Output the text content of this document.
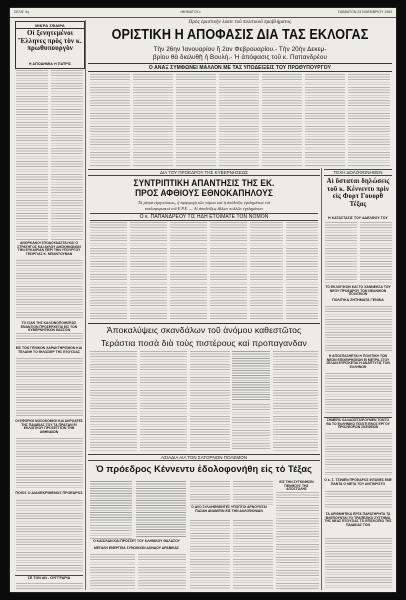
ΣΕΛΙΣ 4η	«ΒΗΜΑΤΟΣ»	ΣΑΒΒΑΤΟΝ 23 ΝΟΕΜΒΡΙΟΥ 1963
ΜΙΚΡΑ ΣΦΑΙΡΑ
Οἱ ξενητεμένοι Ἕλληνες πρὸς τὸν κ. πρωθυπουργὸν
Η ΑΠΟΔΗΜΙΑ Η ΠΑΤΡΙΣ
ΑΝΟΡΚΑΝΟΙ ΣΠΟΔΟΥΔΑΣΤΑΙ ΚΑΙ Ο ΣΤΡΑΤΗΓΟΣ ΚΑΙ ΑΥΛΟΥ ΔΗΣΚΗΝΩΝΟΝ ΤΗΝ ΕΥΚΑΙΡΙΑΝ ΠΕΡΙ ΤΗΝ ΥΠΟΥΡΓΟΥ ΓΕΩΡΓΙΑΣ Κ. ΜΠΑΝΤΟΥΒΑΝ
ΤΟ ΙΣΑΝ ΤΗΣ ΚΑΛΣΙΝΟΠΟΙΗΣΕΩΣ ΕΝΑΝΤΙΟΝ ΠΡΟΣΕΡΧΕΤΑΙ ΕΙΣ ΤΟΝ ΚΥΒΕΡΝΗΤΙΚΟΝ ΘΑΣΣΟΝ
ΕΙΣ ΤΟΝ ΓΕΝΙΚΟΝ ΧΑΡΑΚΤΗΡΙΣΜΟΝ ΚΑΙ ΤΕΛΑΝΗ ΤΟ ΦΙΛΟΣΙΕΡ ΤΗΣ ΕΞΟΥΣΙΑΣ
ΟΙ ΕΦΟΡΙΟΙ ΝΟΣΟΚΟΜΙΟΙ ΚΑΙ ΑΚΡΟΑΤΕΣ ΤΗΣ ΠΑΙΔΕΙΑΣ ΤΟΥ ΤΑ ΠΡΑΞΑΝ ΕΙ ΕΚΛΟΓΙΚΟΥ ΠΡΟΣΕΓΓΙΣΙΝ ΤΗΝ ΑΘΗΝΑΙΩΝ
ΠΟΙΟΣ Ο ΔΙΑΚΕΚΡΙΜΕΝΟΣ ΠΡΟΕΔΡΟΣ
ΣΕ ΤΟΝ ΑΝ - ΟΥΓΓΡΑΡΙΑ
Πρὸς ὁριστικὴν λύσιν τοῦ πολιτικοῦ προβλήματος
ΟΡΙΣΤΙΚΗ Η ΑΠΟΦΑΣΙΣ ΔΙΑ ΤΑΣ ΕΚΛΟΓΑΣ
Τὴν 26ην Ἰανουαρίου ἢ 2αν Φεβρουαρίου.- Τὴν 20ὴν Δεκεμ-
βρίου θὰ διαλυθῇ ἡ Βουλή.- Ἡ ἀπόφασις τοῦ κ. Παπανδρέου
Ο ΑΝΑΞ ΣΥΜΦΩΝΕΙ ΜΑΛΛΟΝ ΜΕ ΤΑΣ ΥΠΟΔΕΙΞΕΙΣ ΤΟΥ ΠΡΩΘΥΠΟΥΡΓΟΥ
ΔΙΑ ΤΟΥ ΠΡΟΕΔΡΟΥ ΤΗΣ ΚΥΒΕΡΝΗΣΕΩΣ
ΣΥΝΤΡΙΠΤΙΚΗ ΑΠΑΝΤΗΣΙΣ ΤΗΣ ΕΚ.
ΠΡΟΣ ΑΦΘΙΟΥΣ ΕΘΝΟΚΑΠΗΛΟΥΣ
Τὰ μέτρα εἰρηνεύσεως, ἡ ἐφαρμογὴ τῶν νόμων καὶ ἡ ἀπόδειξις ἐγκλημάτων ἐπὶ
κυκλοφοριακοὶ τοῦ Ε.Ρ.Ε. — Αἱ ἀποδείξεις ἄλλων πολλῶν ἐγκλημάτων
Ο κ. ΠΑΠΑΝΔΡΕΟΥ ΤΙΣ ΗΔΗ ΕΤΟΙΜΑΤΕ ΤΟΝ ΝΟΜΟΝ
ΤΕΧΗ ΔΟΛΟΦΟΝΗΘΕΝ
Αἱ ὕσταται δηλώσεις τοῦ κ. Κέννεντυ πρὶν εἰς Φορτ Γουορθ Τέξας
Η ΚΑΤΑΣΤΑΣΙΣ ΤΟΥ ΑΔΕΛΦΟΥ ΤΟΥ
ΤΟ ΕΚΛΟΓΙΚΟΝ ΚΑΙ ΤΟ ΧΑΝΝΕΚΣΑ ΤΟΥ ΝΕΟΥ ΠΡΟΕΔΡΟΥ ΤΟΝ ΝΕΑΝΙΚΟΝ ΠΟΛΙΤΕΙΟΝ
ΠΟΛΙΤΙΚΑ ΖΗΤΗΜΑΤΑ ΓΕΝΙΚΑ
Η ΑΠΟΣΠΑΣΗΕΤΑΙ Η ΠΟΛΙΤΙΚΗ ΤΩΝ ΝΕΩΝ ΕΠΙΧΕΙΡΗΣΕΩΝ ΕΙ ΜΕΤΡΑ ΣΤΟΥ ΣΕΛΑΝ ΕΥΡΙΣΚΕΤΑΙ Η ΑΝΑΠΤΥΞΙΣ ΤΟΝ ΕΛΛΗΝΟΝ
ΣΗΜΕΡΑ ΚΑΛΑΙΣΕΤΑΙΡΟΥΜΕΝ ΤΟΝΤΟ ΘΑ ΤΟ ΕΛΛΗΝΙΚΟ ΠΟΛΙΤΙ ΕΝΟΣ ΕΡΓΟΥ ΠΡΟΣΦΟΡΩΝ ΣΚΕΨΕΩΝ
Ο κ. Σ. ΤΣΙΝΙΕΝ ΠΡΟΕΔΡΟΣ ΙΝΤΑΝΕΣ ΕΝΕ ΠΑΝΤΑ Ο ΜΕΤΑ ΤΟΥ ΑΝΤΙΚΡΙΣΤΟ
ΤΑ ΑΡΙΘΜΗΤΙΚΑ ΕΡΓΑ ΠΑΡΑΤΗΡΗΤΑ ΤΑ ΒΛΕΠΟΥΝΤΑΙ ΤΟ ΤΡΑΠΕΖΙΚΟ ΣΥΣΤΗΜΑ ΤΗΣ ΝΕΑΣ ΕΞΟΥΣΙΑΣ ΤΟ ΕΠΙΣΚΟΠΙΟ ΤΗΣ ΠΑΙΔΕΙΑΣ ΤΟΝ
Ἀποκαλύψεις σκανδάλων τοῦ ἀνόμου καθεστῶτος
Τεράστια ποσὰ διὰ τοὺς πιστέρους καὶ προπαγανδαν
ΑΣΙΑΔΙΑ ΑΙΑ ΤΟΝ ΣΑΤΟΡΝΟΝ ΠΟΛΕΜΟΝ
Ὁ πρόεδρος Κέννεντυ ἐδολοφονήθη εἰς τὸ Τέξας
Ο ΚΑΙΣΙΛΑΝ ΚΑΙ ΠΡΟΣΣΕΤ ΤΟΥ ΚΛΗΝΙΚΟΥ ΘΑΛΑΣΟΥ
ΜΕΓΑΛΗ ΕΝΕΡΓΕΙΑ ΣΥΝΟΙΚΙΩΝ ΔΟΝΑΟΥ ΑΡΑΒΙΚΑΣ
Ο ΔΥΟ ΣΥΛΛΗΦΘΕΝΤΕΣ ΥΠΟΠΤΟΙ ΑΡΝΟΥΝΤΑΙ ΠΑΣΑΝ ΑΝΑΜΙΞΙΝ ΕΙΣ ΤΗΝ ΔΟΛΟΦΟΝΙΑΝ
ΕΙΣ ΤΗΝ ΣΥΓΚΙΝΗΣΙΝ ΠΕΝΘΟΥΣ ΤΗΣ ΑΠΟΣΤΟΛΗΣ
